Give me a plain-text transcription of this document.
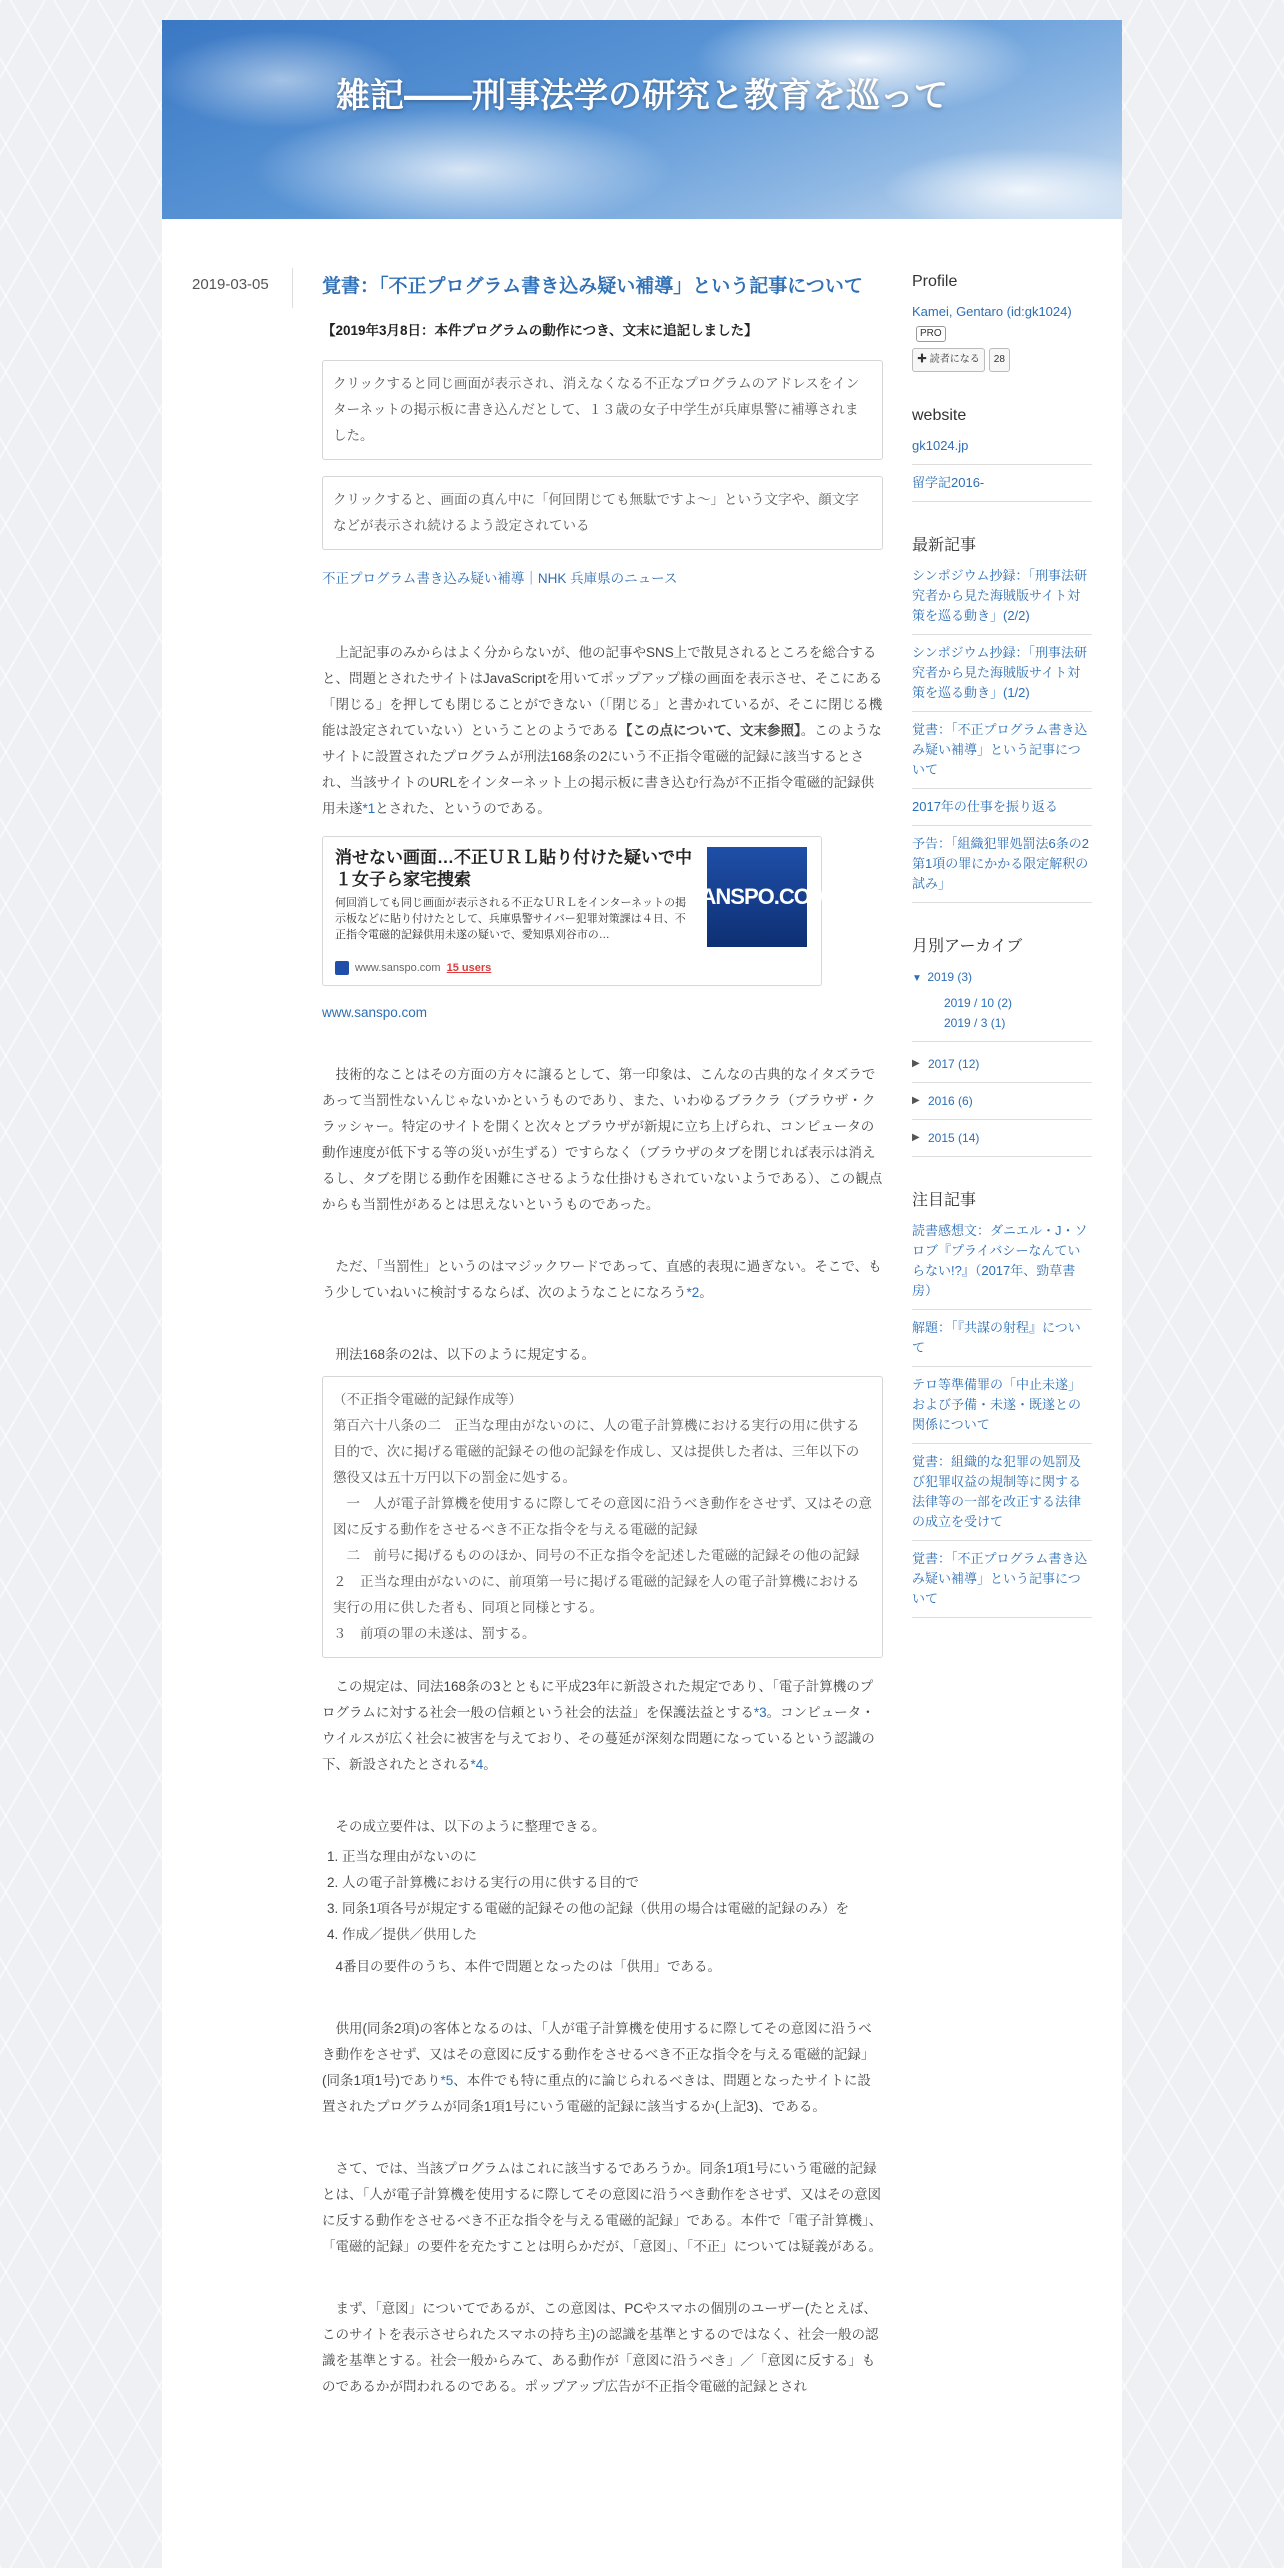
雑記――刑事法学の研究と教育を巡って
2019-03-05	覚書：「不正プログラム書き込み疑い補導」という記事について
【2019年3月8日：本件プログラムの動作につき、文末に追記しました】
クリックすると同じ画面が表示され、消えなくなる不正なプログラムのアドレスをインターネットの掲示板に書き込んだとして、１３歳の女子中学生が兵庫県警に補導されました。
クリックすると、画面の真ん中に「何回閉じても無駄ですよ〜」という文字や、顔文字などが表示され続けるよう設定されている
不正プログラム書き込み疑い補導｜NHK 兵庫県のニュース

上記記事のみからはよく分からないが、他の記事やSNS上で散見されるところを総合すると、問題とされたサイトはJavaScriptを用いてポップアップ様の画面を表示させ、そこにある「閉じる」を押しても閉じることができない（「閉じる」と書かれているが、そこに閉じる機能は設定されていない）ということのようである【この点について、文末参照】。このようなサイトに設置されたプログラムが刑法168条の2にいう不正指令電磁的記録に該当するとされ、当該サイトのURLをインターネット上の掲示板に書き込む行為が不正指令電磁的記録供用未遂*1とされた、というのである。

消せない画面…不正ＵＲＬ貼り付けた疑いで中１女子ら家宅捜索
何回消しても同じ画面が表示される不正なＵＲＬをインターネットの掲示板などに貼り付けたとして、兵庫県警サイバー犯罪対策課は４日、不正指令電磁的記録供用未遂の疑いで、愛知県刈谷市の…
SANSPO.COM
www.sanspo.com 15 users
www.sanspo.com

技術的なことはその方面の方々に譲るとして、第一印象は、こんなの古典的なイタズラであって当罰性ないんじゃないかというものであり、また、いわゆるブラクラ（ブラウザ・クラッシャー。特定のサイトを開くと次々とブラウザが新規に立ち上げられ、コンピュータの動作速度が低下する等の災いが生ずる）ですらなく（ブラウザのタブを閉じれば表示は消えるし、タブを閉じる動作を困難にさせるような仕掛けもされていないようである）、この観点からも当罰性があるとは思えないというものであった。

ただ、「当罰性」というのはマジックワードであって、直感的表現に過ぎない。そこで、もう少していねいに検討するならば、次のようなことになろう*2。

刑法168条の2は、以下のように規定する。

（不正指令電磁的記録作成等）
第百六十八条の二　正当な理由がないのに、人の電子計算機における実行の用に供する目的で、次に掲げる電磁的記録その他の記録を作成し、又は提供した者は、三年以下の懲役又は五十万円以下の罰金に処する。
　一　人が電子計算機を使用するに際してその意図に沿うべき動作をさせず、又はその意図に反する動作をさせるべき不正な指令を与える電磁的記録
　二　前号に掲げるもののほか、同号の不正な指令を記述した電磁的記録その他の記録
２　正当な理由がないのに、前項第一号に掲げる電磁的記録を人の電子計算機における実行の用に供した者も、同項と同様とする。
３　前項の罪の未遂は、罰する。

この規定は、同法168条の3とともに平成23年に新設された規定であり、「電子計算機のプログラムに対する社会一般の信頼という社会的法益」を保護法益とする*3。コンピュータ・ウイルスが広く社会に被害を与えており、その蔓延が深刻な問題になっているという認識の下、新設されたとされる*4。

その成立要件は、以下のように整理できる。

1. 正当な理由がないのに
2. 人の電子計算機における実行の用に供する目的で
3. 同条1項各号が規定する電磁的記録その他の記録（供用の場合は電磁的記録のみ）を
4. 作成／提供／供用した

4番目の要件のうち、本件で問題となったのは「供用」である。

供用(同条2項)の客体となるのは、「人が電子計算機を使用するに際してその意図に沿うべき動作をさせず、又はその意図に反する動作をさせるべき不正な指令を与える電磁的記録」(同条1項1号)であり*5、本件でも特に重点的に論じられるべきは、問題となったサイトに設置されたプログラムが同条1項1号にいう電磁的記録に該当するか(上記3)、である。

さて、では、当該プログラムはこれに該当するであろうか。同条1項1号にいう電磁的記録とは、「人が電子計算機を使用するに際してその意図に沿うべき動作をさせず、又はその意図に反する動作をさせるべき不正な指令を与える電磁的記録」である。本件で「電子計算機」、「電磁的記録」の要件を充たすことは明らかだが、「意図」、「不正」については疑義がある。

まず、「意図」についてであるが、この意図は、PCやスマホの個別のユーザー(たとえば、このサイトを表示させられたスマホの持ち主)の認識を基準とするのではなく、社会一般の認識を基準とする。社会一般からみて、ある動作が「意図に沿うべき」／「意図に反する」ものであるかが問われるのである。ポップアップ広告が不正指令電磁的記録とされ

Profile
Kamei, Gentaro (id:gk1024)
PRO
✚ 読者になる	28
website
gk1024.jp
留学記2016-
最新記事
シンポジウム抄録：「刑事法研究者から見た海賊版サイト対策を巡る動き」(2/2)
シンポジウム抄録：「刑事法研究者から見た海賊版サイト対策を巡る動き」(1/2)
覚書：「不正プログラム書き込み疑い補導」という記事について
2017年の仕事を振り返る
予告：「組織犯罪処罰法6条の2第1項の罪にかかる限定解釈の試み」
月別アーカイブ
▼ 2019 (3)
2019 / 10 (2)
2019 / 3 (1)
▶ 2017 (12)
▶ 2016 (6)
▶ 2015 (14)
注目記事
読書感想文：ダニエル・J・ソロブ『プライバシーなんていらない!?』（2017年、勁草書房）
解題：「『共謀の射程』について
テロ等準備罪の「中止未遂」および予備・未遂・既遂との関係について
覚書：組織的な犯罪の処罰及び犯罪収益の規制等に関する法律等の一部を改正する法律の成立を受けて
覚書：「不正プログラム書き込み疑い補導」という記事について
